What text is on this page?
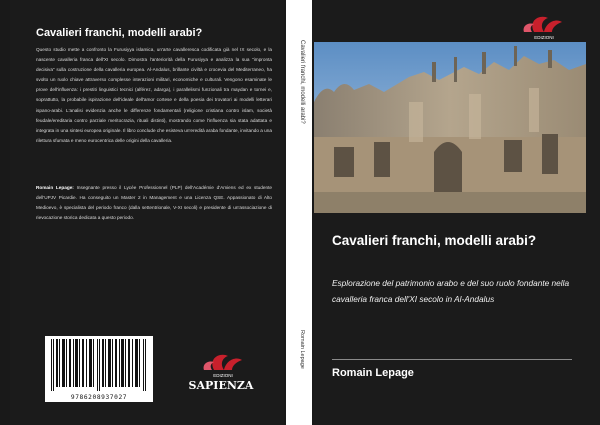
Cavalieri franchi, modelli arabi?
Questo studio mette a confronto la Furusiyya islamica, un'arte cavalleresca codificata già nel IX secolo, e la nascente cavalleria franca dell'XI secolo. Dimostra l'anteriorità della Furusiyya e analizza la sua "impronta decisiva" sulla costruzione della cavalleria europea. Al-Andalus, brillante civiltà e crocevia del Mediterraneo, ha svolto un ruolo chiave attraverso complesse interazioni militari, economiche e culturali. Vengono esaminate le prove dell'influenza: i prestiti linguistici tecnici (alférez, adarga), i parallelismi funzionali tra maydan e tornei e, soprattutto, la probabile ispirazione dell'ideale dell'amor cortese e della poesia dei trovatori ai modelli letterari ispano-arabi. L'analisi evidenzia anche le differenze fondamentali (religione cristiana contro islam, società feudale/ereditaria contro parziale meritocrazia, rituali distinti), mostrando come l'influenza sia stata adattata e integrata in una sintesi europea originale. Il libro conclude che esisteva un'eredità araba fondante, invitando a una rilettura sfumata e meno eurocentrica delle origini della cavalleria.
Romain Lepage: Insegnante presso il Lycée Professionnel (PLP) dell'Académie d'Amiens ed ex studente dell'UPJV Picardie. Ha conseguito un Master 2 in Management e una Licenza QSE. Appassionato di Alto Medioevo, è specialista del periodo franco (dalla settentrionale, V-XI secoli) e presidente di un'associazione di rievocazione storica dedicata a questo periodo.
9786208937027
EDIZIONI
SAPIENZA
Cavalieri franchi, modelli arabi?
Romain Lepage
EDIZIONI
Cavalieri franchi, modelli arabi?
Esplorazione del patrimonio arabo e del suo ruolo fondante nella cavalleria franca dell'XI secolo in Al-Andalus
Romain Lepage
